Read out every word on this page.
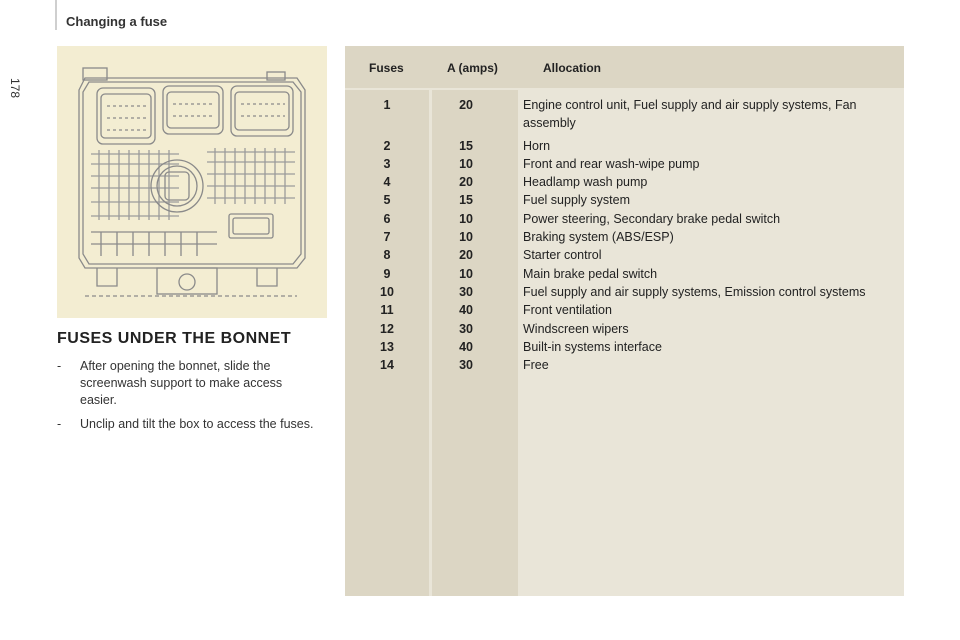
178
Changing a fuse
FUSES UNDER THE BONNET
- After opening the bonnet, slide the screenwash support to make access easier.
- Unclip and tilt the box to access the fuses.
Fuses	A (amps)	Allocation
1	20	Engine control unit, Fuel supply and air supply systems, Fan assembly
2	15	Horn
3	10	Front and rear wash-wipe pump
4	20	Headlamp wash pump
5	15	Fuel supply system
6	10	Power steering, Secondary brake pedal switch
7	10	Braking system (ABS/ESP)
8	20	Starter control
9	10	Main brake pedal switch
10	30	Fuel supply and air supply systems, Emission control systems
11	40	Front ventilation
12	30	Windscreen wipers
13	40	Built-in systems interface
14	30	Free
